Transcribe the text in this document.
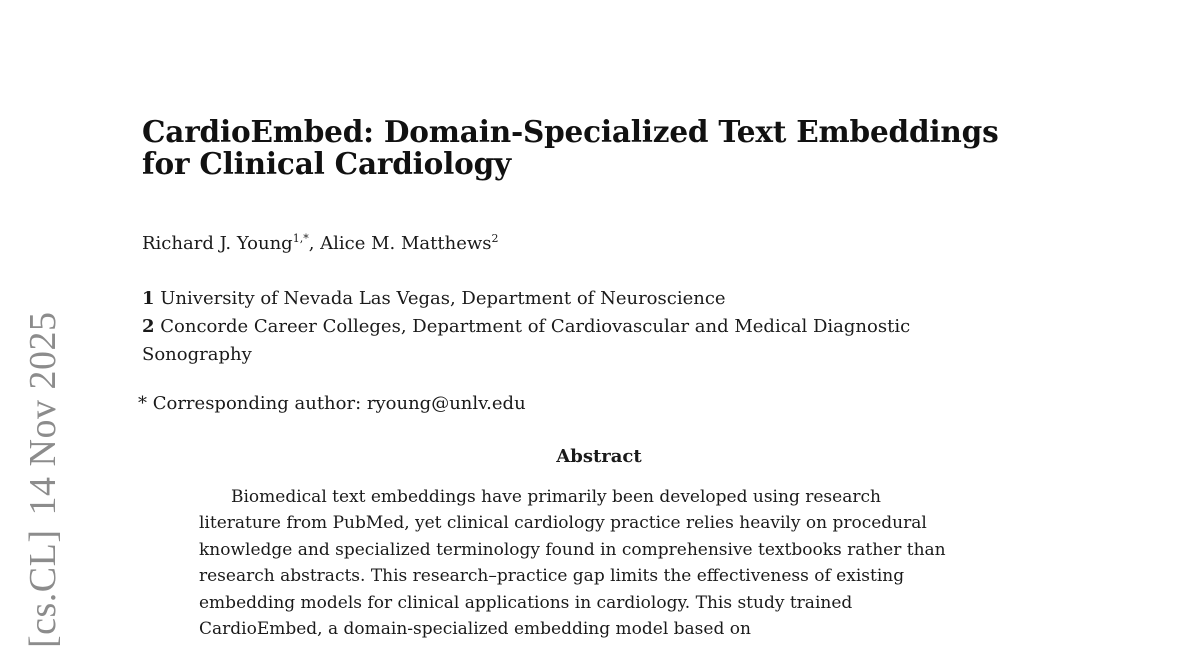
[cs.CL]14 Nov 2025
CardioEmbed: Domain-Specialized Text Embeddings
for Clinical Cardiology
Richard J. Young$^{1,*}$, Alice M. Matthews$^2$
1 University of Nevada Las Vegas, Department of Neuroscience
2 Concorde Career Colleges, Department of Cardiovascular and Medical Diagnostic
Sonography
* Corresponding author: ryoung@unlv.edu
Abstract
Biomedical text embeddings have primarily been developed using research
literature from PubMed, yet clinical cardiology practice relies heavily on procedural
knowledge and specialized terminology found in comprehensive textbooks rather than
research abstracts. This research–practice gap limits the effectiveness of existing
embedding models for clinical applications in cardiology. This study trained
CardioEmbed, a domain-specialized embedding model based on
